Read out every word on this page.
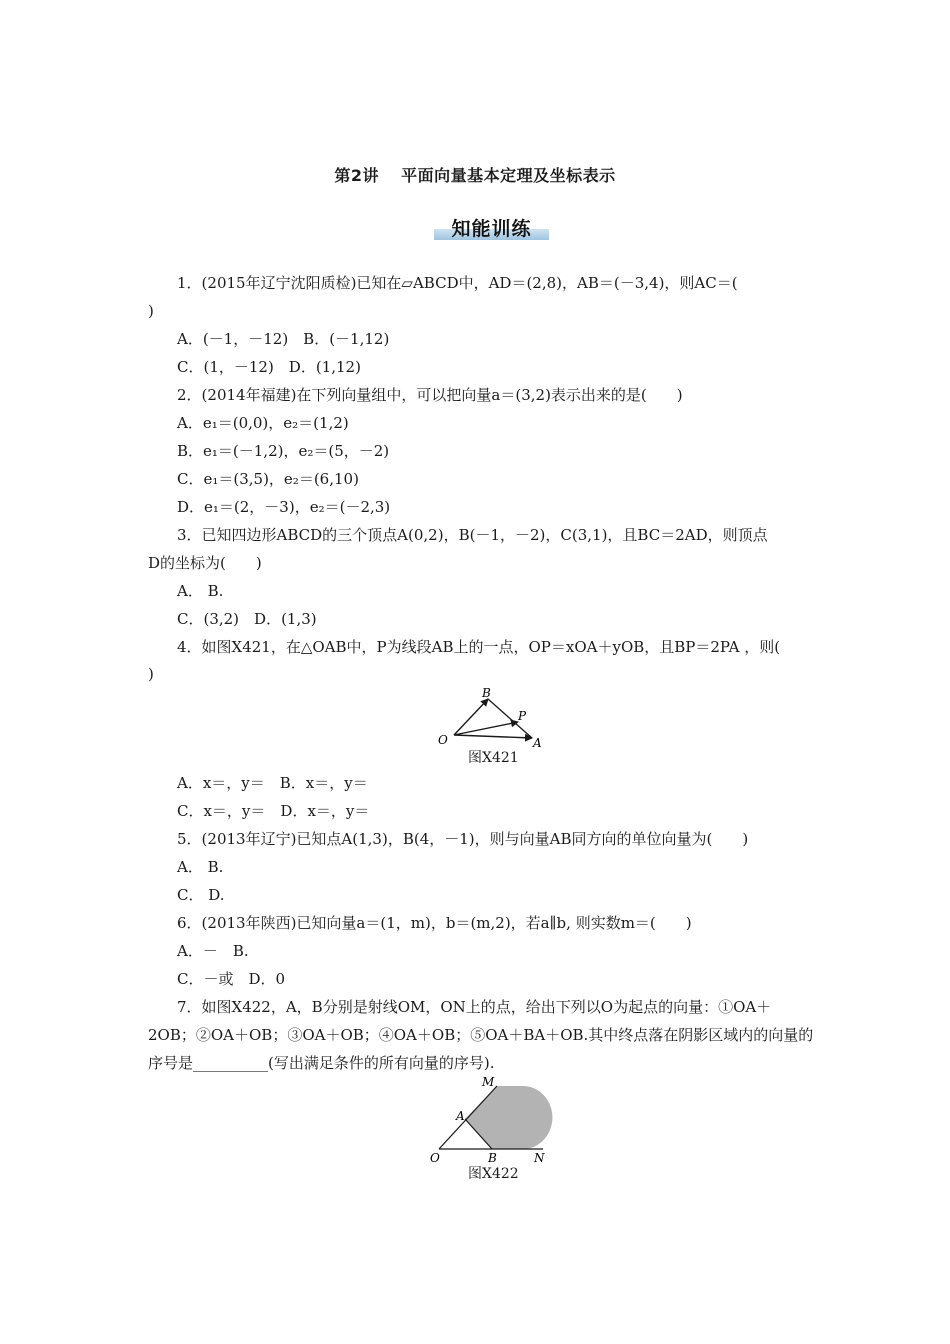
第2讲 平面向量基本定理及坐标表示
知能训练
1．(2015年辽宁沈阳质检)已知在▱ABCD中，AD＝(2,8)，AB＝(－3,4)，则AC＝(
)
A．(－1，－12)　B．(－1,12)
C．(1，－12)　D．(1,12)
2．(2014年福建)在下列向量组中，可以把向量a＝(3,2)表示出来的是(　　)
A．e₁＝(0,0)，e₂＝(1,2)
B．e₁＝(－1,2)，e₂＝(5，－2)
C．e₁＝(3,5)，e₂＝(6,10)
D．e₁＝(2，－3)，e₂＝(－2,3)
3．已知四边形ABCD的三个顶点A(0,2)，B(－1，－2)，C(3,1)，且BC＝2AD，则顶点
D的坐标为(　　)
A． B.
C．(3,2)　D．(1,3)
4．如图X421，在△OAB中，P为线段AB上的一点，OP＝xOA＋yOB，且BP＝2PA ，则(
)
O
B
P
A
图X421
A．x＝，y＝　B．x＝，y＝
C．x＝，y＝　D．x＝，y＝
5．(2013年辽宁)已知点A(1,3)，B(4，－1)，则与向量AB同方向的单位向量为(　　)
A． B.
C． D.
6．(2013年陕西)已知向量a＝(1，m)，b＝(m,2)，若a∥b, 则实数m＝(　　)
A．－　B.
C．－或　D．0
7．如图X422，A，B分别是射线OM，ON上的点，给出下列以O为起点的向量：①OA＋
2OB；②OA＋OB；③OA＋OB；④OA＋OB；⑤OA＋BA＋OB.其中终点落在阴影区域内的向量的
序号是__________(写出满足条件的所有向量的序号).
O
A
B
M
N
图X422
